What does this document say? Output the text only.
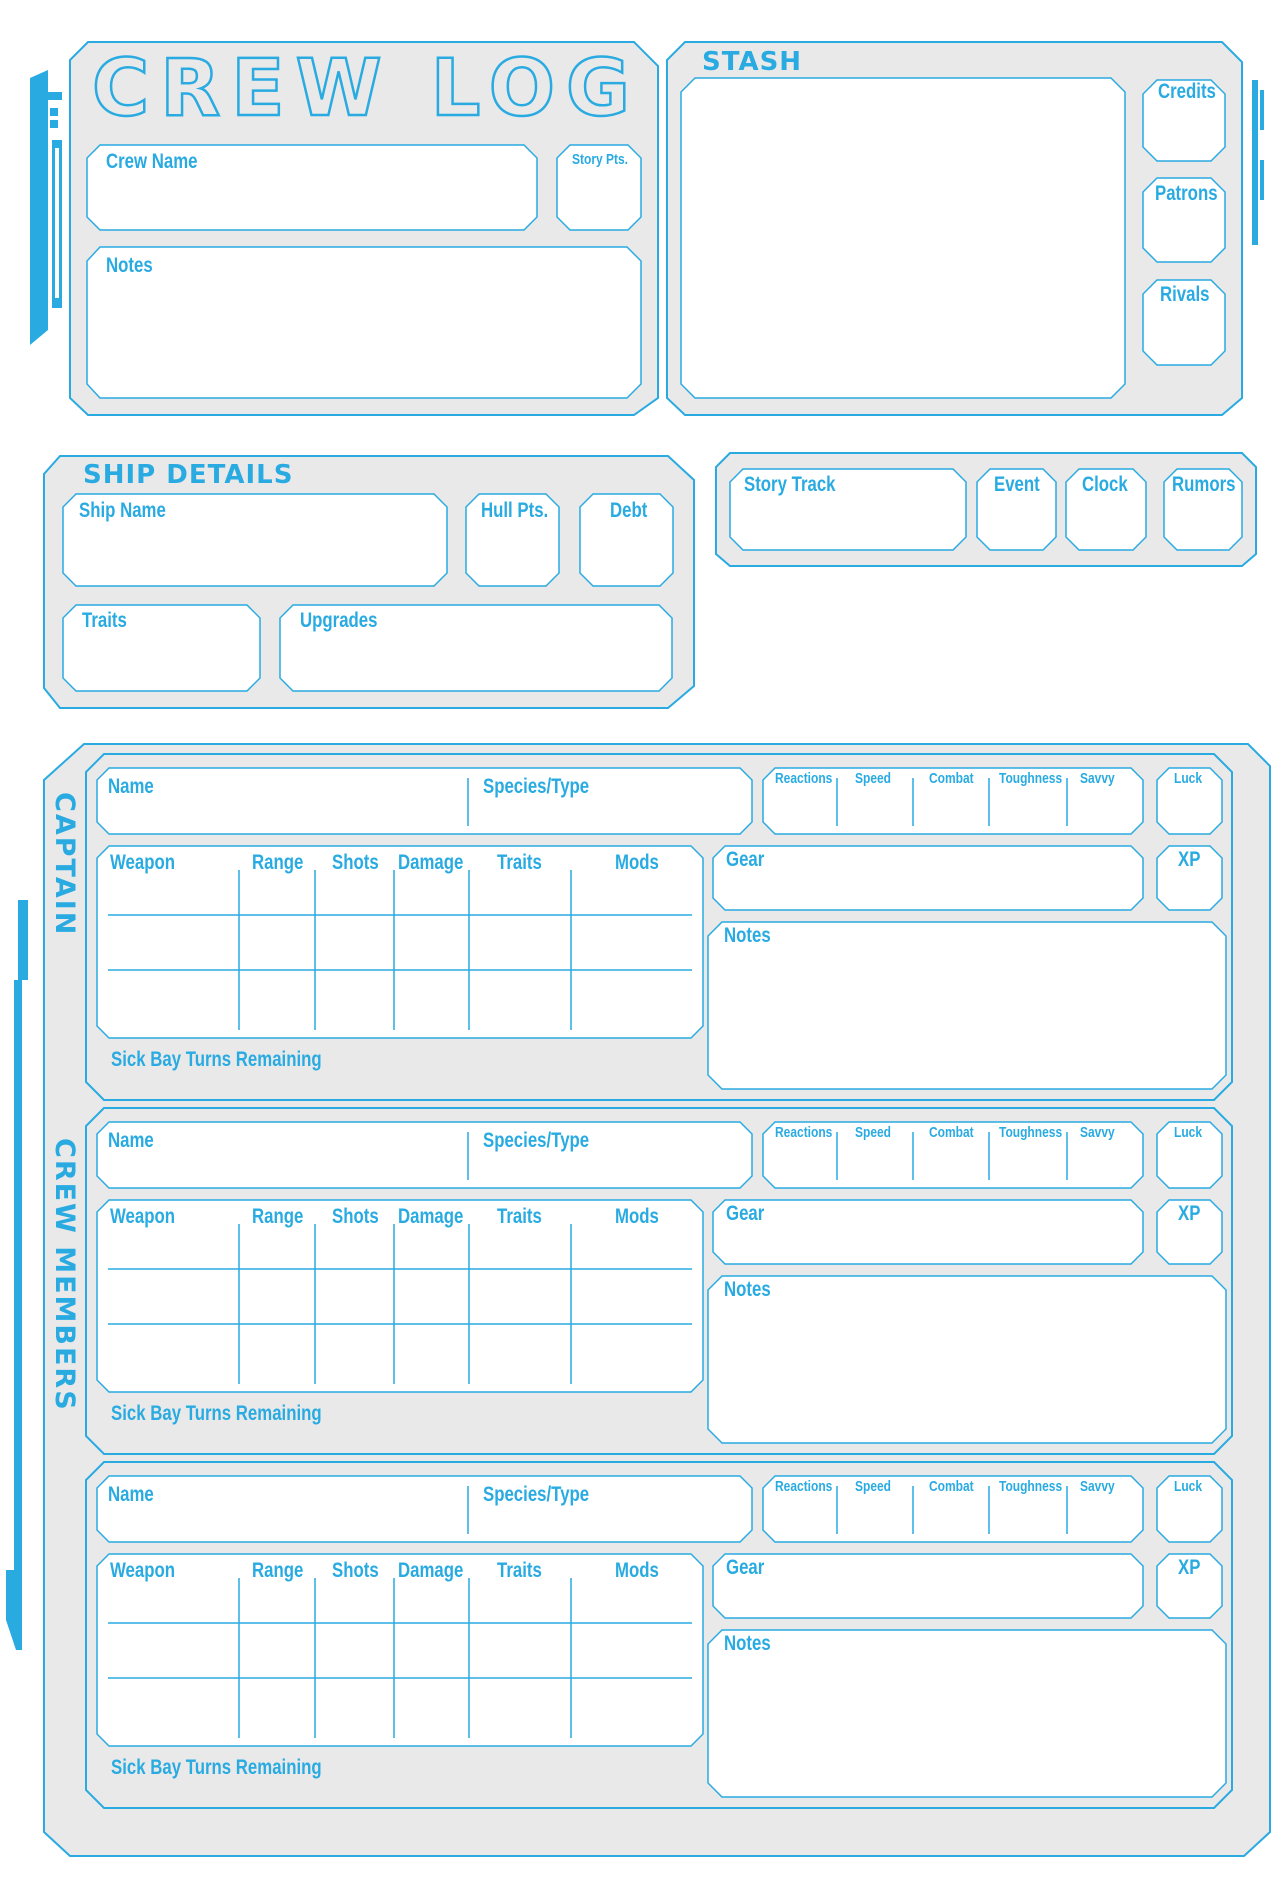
CREW LOG
Crew Name	Story Pts.
Notes
STASH
Credits
Patrons
Rivals
SHIP DETAILS
Ship Name	Hull Pts.	Debt
Traits	Upgrades
Story Track	Event Clock Rumors
CAPTAIN
CREW MEMBERS
Name	Species/Type	Reactions Speed	Combat Toughness Savvy	Luck
Weapon	Range Shots Damage Traits	Mods	Gear	XP
Notes
Sick Bay Turns Remaining
Name	Species/Type	Reactions Speed	Combat Toughness Savvy	Luck
Weapon	Range Shots Damage Traits	Mods	Gear	XP
Notes
Sick Bay Turns Remaining
Name	Species/Type	Reactions Speed	Combat Toughness Savvy	Luck
Weapon	Range Shots Damage Traits	Mods	Gear	XP
Notes
Sick Bay Turns Remaining
